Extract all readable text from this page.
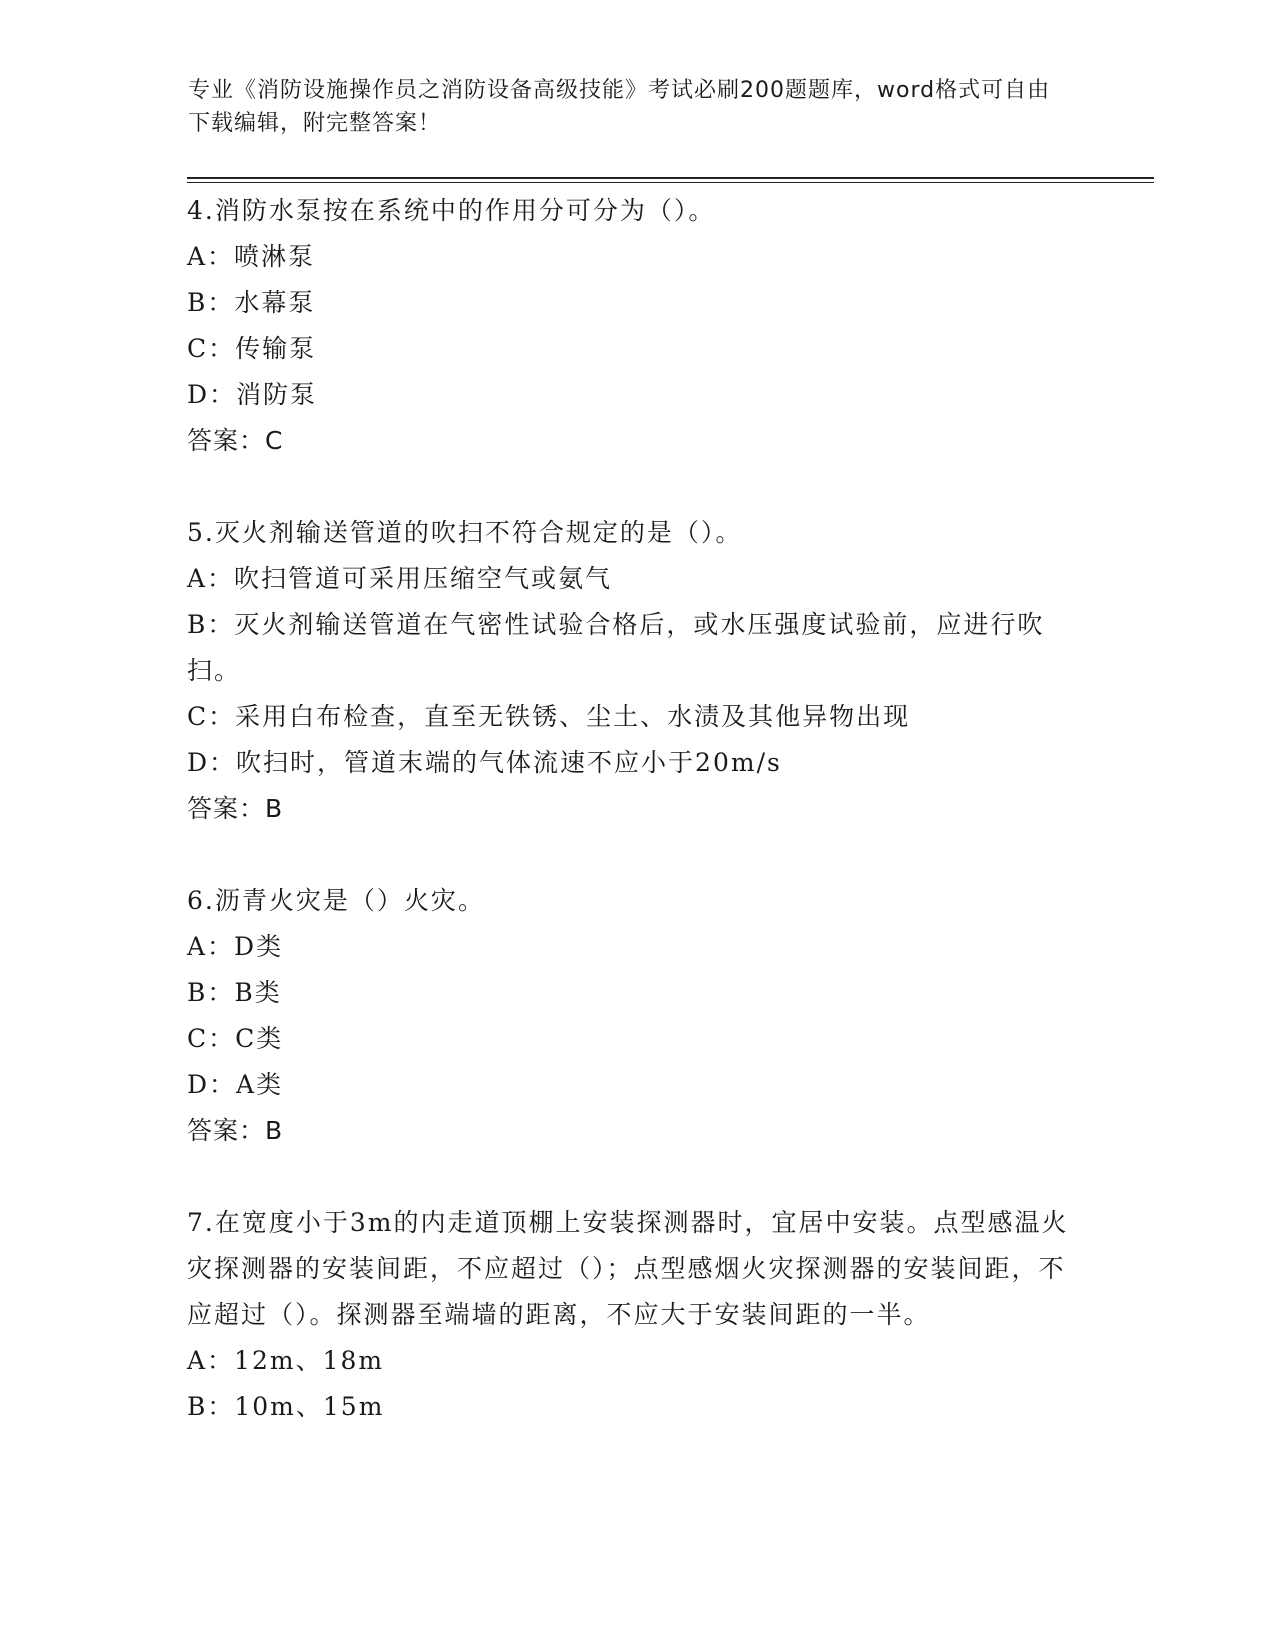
专业《消防设施操作员之消防设备高级技能》考试必刷200题题库，word格式可自由下载编辑，附完整答案！
4.消防水泵按在系统中的作用分可分为（）。
A：喷淋泵
B：水幕泵
C：传输泵
D：消防泵
答案：C
5.灭火剂输送管道的吹扫不符合规定的是（）。
A：吹扫管道可采用压缩空气或氨气
B：灭火剂输送管道在气密性试验合格后，或水压强度试验前，应进行吹扫。
C：采用白布检查，直至无铁锈、尘土、水渍及其他异物出现
D：吹扫时，管道末端的气体流速不应小于20m/s
答案：B
6.沥青火灾是（）火灾。
A：D类
B：B类
C：C类
D：A类
答案：B
7.在宽度小于3m的内走道顶棚上安装探测器时，宜居中安装。点型感温火灾探测器的安装间距，不应超过（）；点型感烟火灾探测器的安装间距，不应超过（）。探测器至端墙的距离，不应大于安装间距的一半。
A：12m、18m
B：10m、15m
